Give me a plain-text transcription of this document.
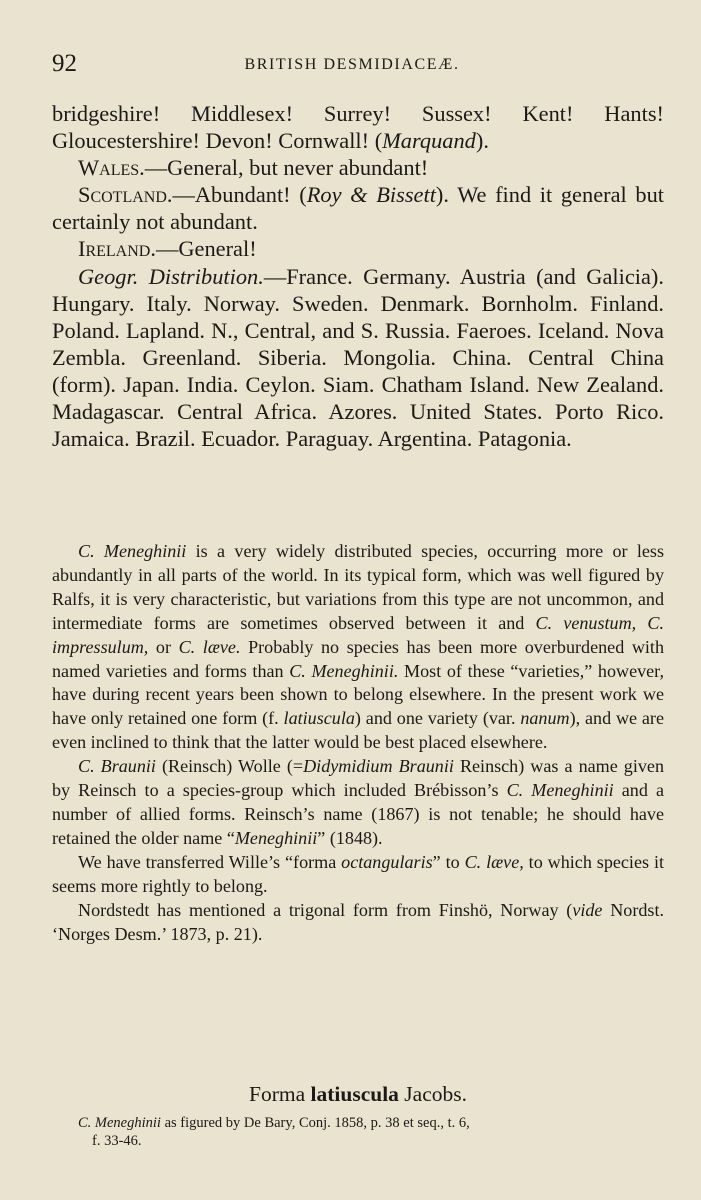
92	BRITISH DESMIDIACEÆ.

bridgeshire! Middlesex! Surrey! Sussex! Kent! Hants! Gloucestershire! Devon! Cornwall! (Marquand).

Wales.—General, but never abundant!

Scotland.—Abundant! (Roy & Bissett). We find it general but certainly not abundant.

Ireland.—General!

Geogr. Distribution.—France. Germany. Austria (and Galicia). Hungary. Italy. Norway. Sweden. Denmark. Bornholm. Finland. Poland. Lapland. N., Central, and S. Russia. Faeroes. Iceland. Nova Zembla. Greenland. Siberia. Mongolia. China. Central China (form). Japan. India. Ceylon. Siam. Chatham Island. New Zealand. Madagascar. Central Africa. Azores. United States. Porto Rico. Jamaica. Brazil. Ecuador. Paraguay. Argentina. Patagonia.

C. Meneghinii is a very widely distributed species, occurring more or less abundantly in all parts of the world. In its typical form, which was well figured by Ralfs, it is very characteristic, but variations from this type are not uncommon, and intermediate forms are sometimes observed between it and C. venustum, C. impressulum, or C. læve. Probably no species has been more overburdened with named varieties and forms than C. Meneghinii. Most of these “varieties,” however, have during recent years been shown to belong elsewhere. In the present work we have only retained one form (f. latiuscula) and one variety (var. nanum), and we are even inclined to think that the latter would be best placed elsewhere.

C. Braunii (Reinsch) Wolle (=Didymidium Braunii Reinsch) was a name given by Reinsch to a species-group which included Brébisson’s C. Meneghinii and a number of allied forms. Reinsch’s name (1867) is not tenable; he should have retained the older name “Meneghinii” (1848).

We have transferred Wille’s “forma octangularis” to C. læve, to which species it seems more rightly to belong.

Nordstedt has mentioned a trigonal form from Finshö, Norway (vide Nordst. ‘Norges Desm.’ 1873, p. 21).

Forma latiuscula Jacobs.
C. Meneghinii as figured by De Bary, Conj. 1858, p. 38 et seq., t. 6,
f. 33-46.
